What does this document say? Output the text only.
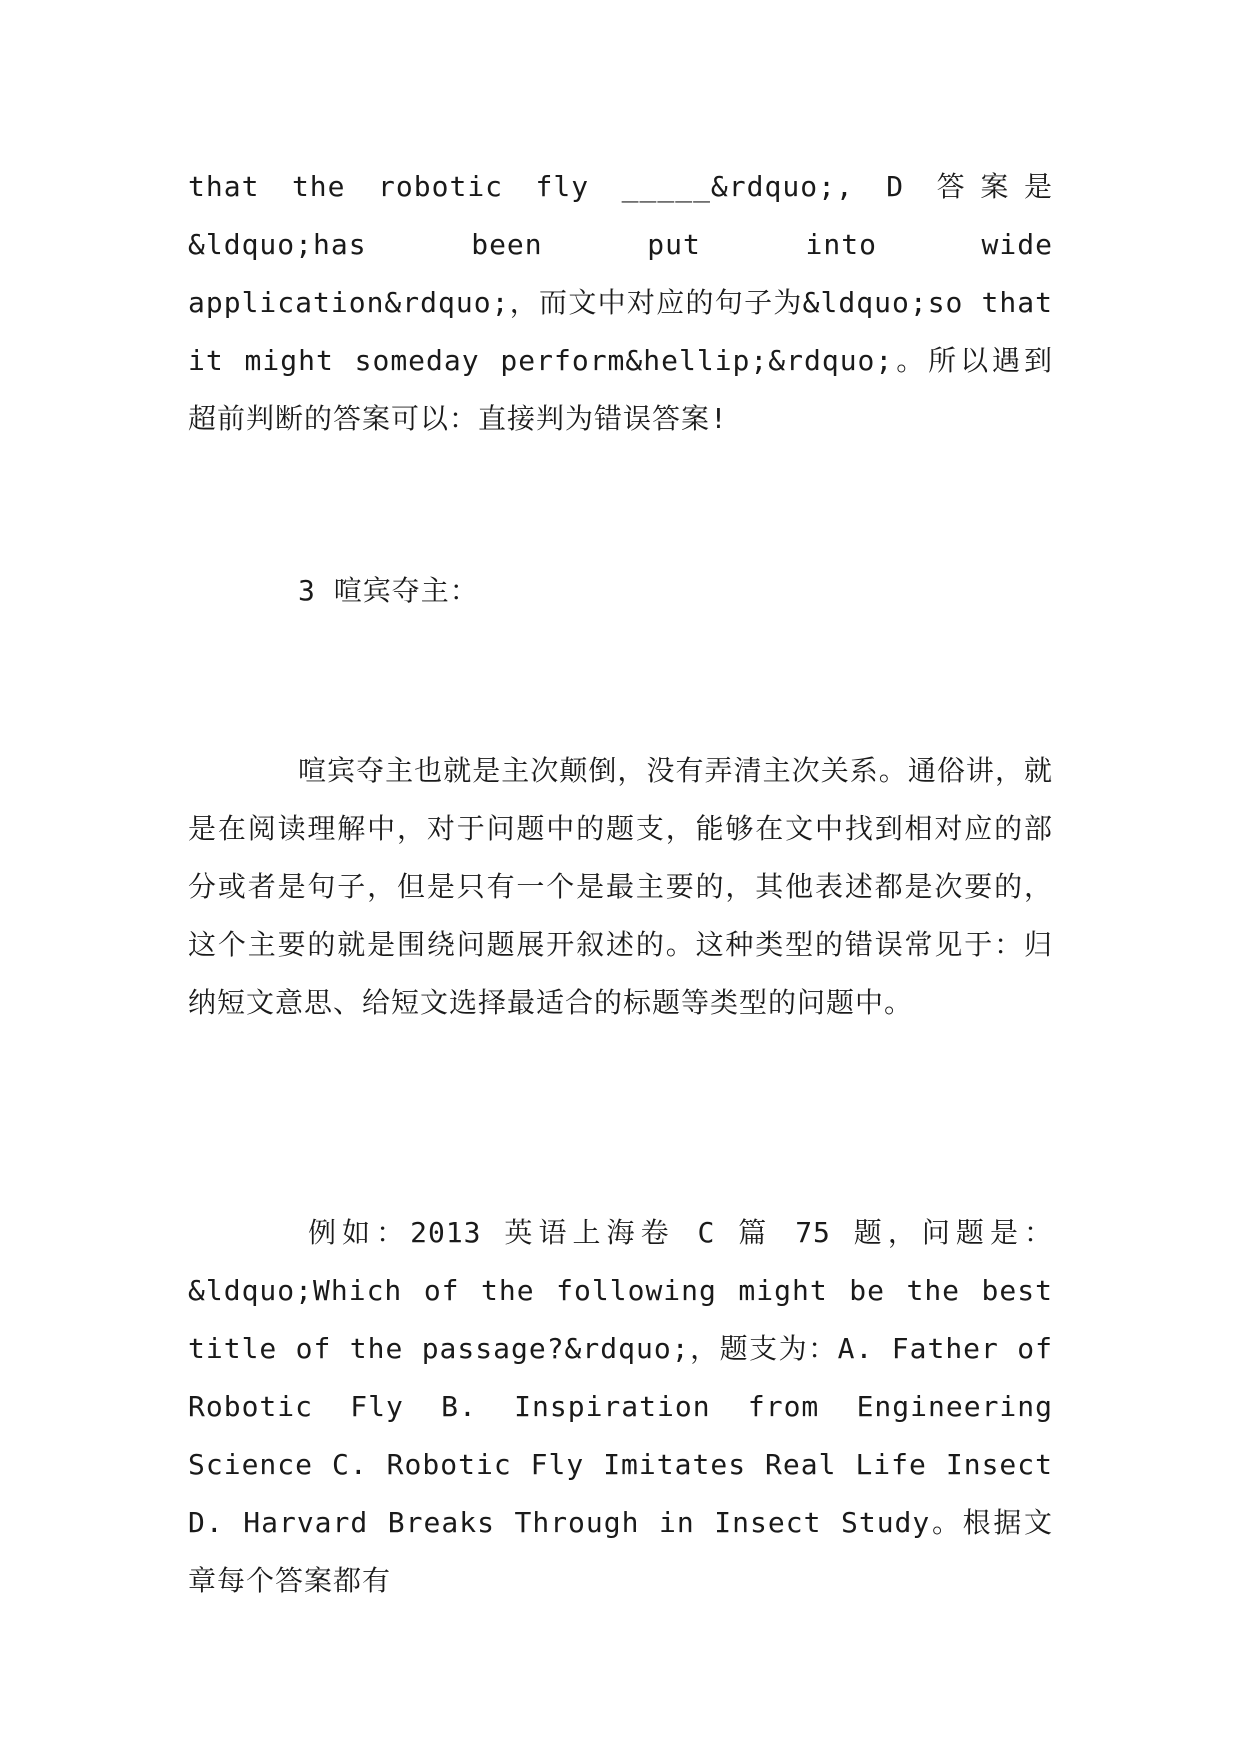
that the robotic fly _____&rdquo;, D 答案是&ldquo;has been put into wide application&rdquo;，而文中对应的句子为&ldquo;so that it might someday perform&hellip;&rdquo;。所以遇到超前判断的答案可以：直接判为错误答案!

3 喧宾夺主：

喧宾夺主也就是主次颠倒，没有弄清主次关系。通俗讲，就是在阅读理解中，对于问题中的题支，能够在文中找到相对应的部分或者是句子，但是只有一个是最主要的，其他表述都是次要的，这个主要的就是围绕问题展开叙述的。这种类型的错误常见于：归纳短文意思、给短文选择最适合的标题等类型的问题中。

例如：2013 英语上海卷 C 篇 75 题，问题是：&ldquo;Which of the following might be the best title of the passage?&rdquo;，题支为：A. Father of Robotic Fly B. Inspiration from Engineering Science C. Robotic Fly Imitates Real Life Insect D. Harvard Breaks Through in Insect Study。根据文章每个答案都有
